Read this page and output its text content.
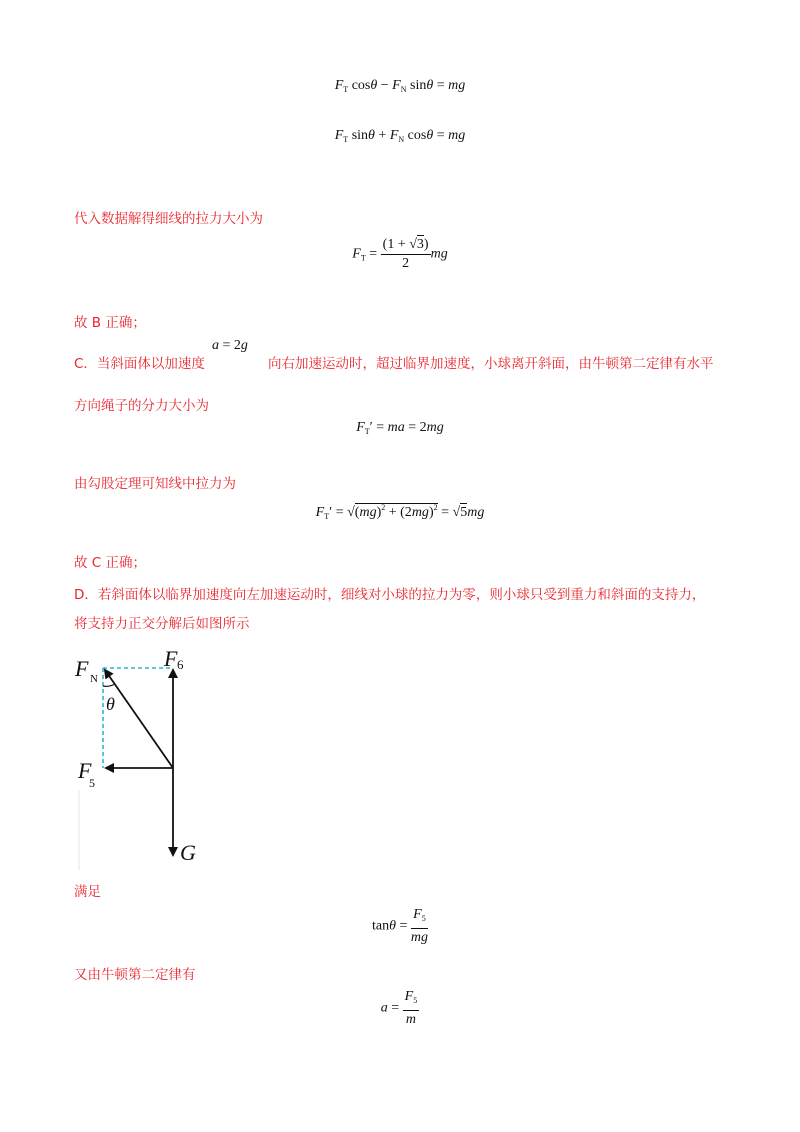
$F_T$ $\cos\theta - F_N$ sinθ = mg
$F_T$ $\sin\theta + F_N$ cosθ = mg
代入数据解得细线的拉力大小为
$F_T = \frac{(1 + √3)}{2}$ mg
故 B 正确；
C．当斜面体以加速度
a = 2g
向右加速运动时，超过临界加速度，小球离开斜面，由牛顿第二定律有水平
方向绳子的分力大小为
$F_T'$ = ma = 2mg
由勾股定理可知线中拉力为
$F_T' = √(mg)^2 + (2mg)^2 = √5mg$
故 C 正确；
D．若斜面体以临界加速度向左加速运动时，细线对小球的拉力为零，则小球只受到重力和斜面的支持力，
将支持力正交分解后如图所示
F N
F 6
F
5
θ
G
满足
$\tan\theta = \frac{F_5}{mg}$
又由牛顿第二定律有
$a = \frac{F_5}{m}$
